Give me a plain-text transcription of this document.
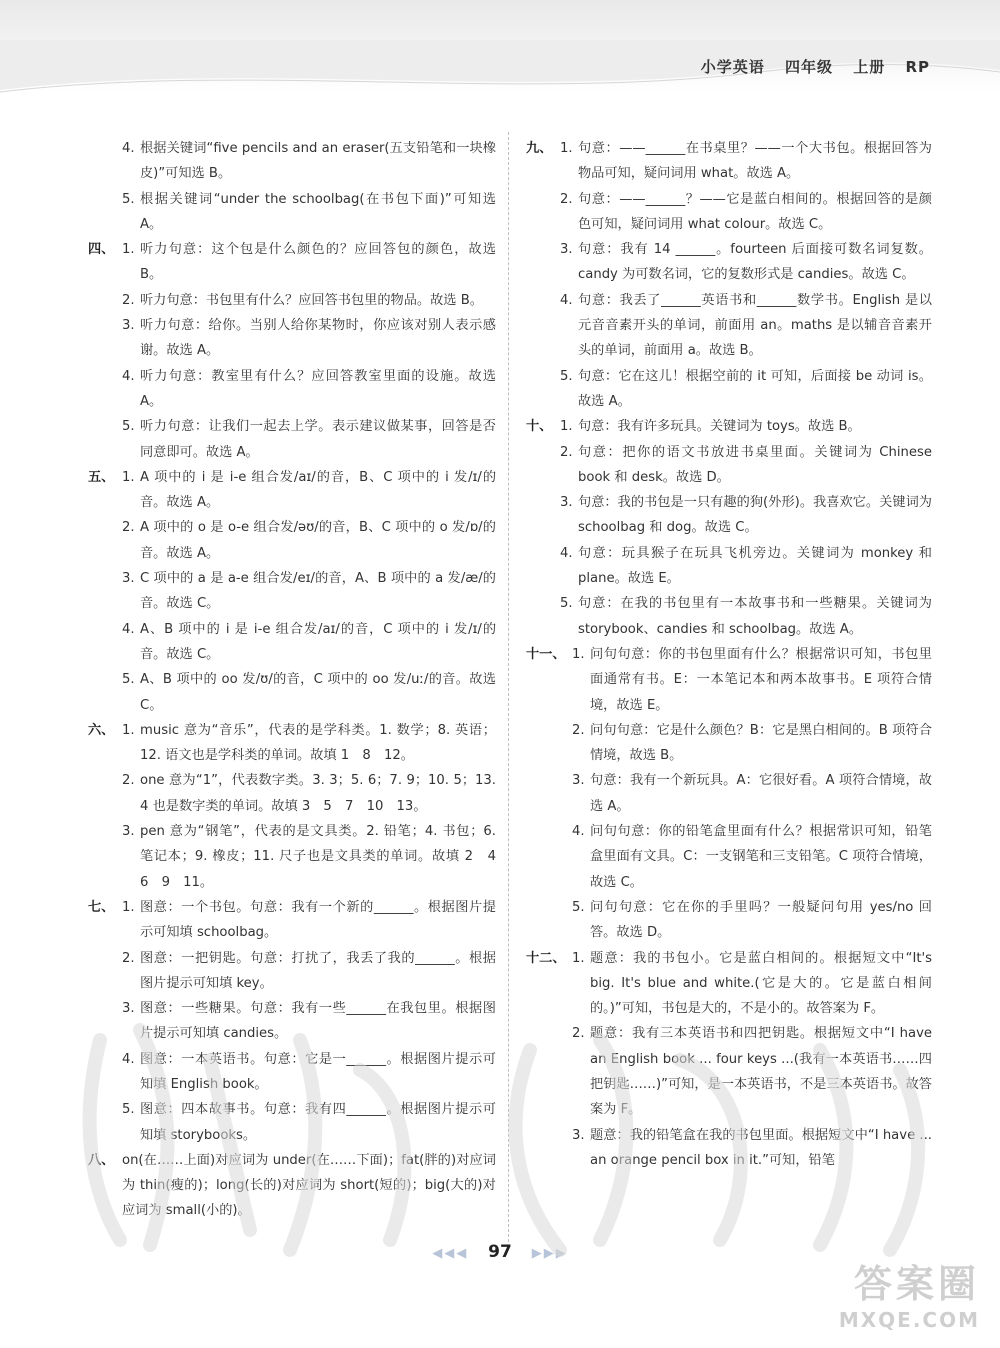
小学英语 四年级 上册 RP
4. 根据关键词“five pencils and an eraser(五支铅笔和一块橡皮)”可知选 B。
5. 根据关键词“under the schoolbag(在书包下面)”可知选 A。
四、 1. 听力句意：这个包是什么颜色的？应回答包的颜色，故选 B。
2. 听力句意：书包里有什么？应回答书包里的物品。故选 B。
3. 听力句意：给你。当别人给你某物时，你应该对别人表示感谢。故选 A。
4. 听力句意：教室里有什么？应回答教室里面的设施。故选 A。
5. 听力句意：让我们一起去上学。表示建议做某事，回答是否同意即可。故选 A。
五、 1. A 项中的 i 是 i-e 组合发/aɪ/的音，B、C 项中的 i 发/ɪ/的音。故选 A。
2. A 项中的 o 是 o-e 组合发/əʊ/的音，B、C 项中的 o 发/ɒ/的音。故选 A。
3. C 项中的 a 是 a-e 组合发/eɪ/的音，A、B 项中的 a 发/æ/的音。故选 C。
4. A、B 项中的 i 是 i-e 组合发/aɪ/的音，C 项中的 i 发/ɪ/的音。故选 C。
5. A、B 项中的 oo 发/ʊ/的音，C 项中的 oo 发/uː/的音。故选 C。
六、 1. music 意为“音乐”，代表的是学科类。1. 数学；8. 英语；12. 语文也是学科类的单词。故填 1　8　12。
2. one 意为“1”，代表数字类。3. 3；5. 6；7. 9；10. 5；13. 4 也是数字类的单词。故填 3　5　7　10　13。
3. pen 意为“钢笔”，代表的是文具类。2. 铅笔；4. 书包；6. 笔记本；9. 橡皮；11. 尺子也是文具类的单词。故填 2　4　6　9　11。
七、 1. 图意：一个书包。句意：我有一个新的______。根据图片提示可知填 schoolbag。
2. 图意：一把钥匙。句意：打扰了，我丢了我的______。根据图片提示可知填 key。
3. 图意：一些糖果。句意：我有一些______在我包里。根据图片提示可知填 candies。
4. 图意：一本英语书。句意：它是一______。根据图片提示可知填 English book。
5. 图意：四本故事书。句意：我有四______。根据图片提示可知填 storybooks。
八、 on(在……上面)对应词为 under(在……下面)；fat(胖的)对应词为 thin(瘦的)；long(长的)对应词为 short(短的)；big(大的)对应词为 small(小的)。
九、 1. 句意：——______在书桌里？——一个大书包。根据回答为物品可知，疑问词用 what。故选 A。
2. 句意：——______？——它是蓝白相间的。根据回答的是颜色可知，疑问词用 what colour。故选 C。
3. 句意：我有 14 ______。fourteen 后面接可数名词复数。candy 为可数名词，它的复数形式是 candies。故选 C。
4. 句意：我丢了______英语书和______数学书。English 是以元音音素开头的单词，前面用 an。maths 是以辅音音素开头的单词，前面用 a。故选 B。
5. 句意：它在这儿！根据空前的 it 可知，后面接 be 动词 is。故选 A。
十、 1. 句意：我有许多玩具。关键词为 toys。故选 B。
2. 句意：把你的语文书放进书桌里面。关键词为 Chinese book 和 desk。故选 D。
3. 句意：我的书包是一只有趣的狗(外形)。我喜欢它。关键词为 schoolbag 和 dog。故选 C。
4. 句意：玩具猴子在玩具飞机旁边。关键词为 monkey 和 plane。故选 E。
5. 句意：在我的书包里有一本故事书和一些糖果。关键词为 storybook、candies 和 schoolbag。故选 A。
十一、 1. 问句句意：你的书包里面有什么？根据常识可知，书包里面通常有书。E：一本笔记本和两本故事书。E 项符合情境，故选 E。
2. 问句句意：它是什么颜色？B：它是黑白相间的。B 项符合情境，故选 B。
3. 句意：我有一个新玩具。A：它很好看。A 项符合情境，故选 A。
4. 问句句意：你的铅笔盒里面有什么？根据常识可知，铅笔盒里面有文具。C：一支钢笔和三支铅笔。C 项符合情境，故选 C。
5. 问句句意：它在你的手里吗？一般疑问句用 yes/no 回答。故选 D。
十二、 1. 题意：我的书包小。它是蓝白相间的。根据短文中“It's big. It's blue and white.(它是大的。它是蓝白相间的。)”可知，书包是大的，不是小的。故答案为 F。
2. 题意：我有三本英语书和四把钥匙。根据短文中“I have an English book ... four keys ...(我有一本英语书……四把钥匙……)”可知，是一本英语书，不是三本英语书。故答案为 F。
3. 题意：我的铅笔盒在我的书包里面。根据短文中“I have ... an orange pencil box in it.”可知，铅笔
◀◀◀ 97 ▶▶▶
答案圈
MXQE.COM
